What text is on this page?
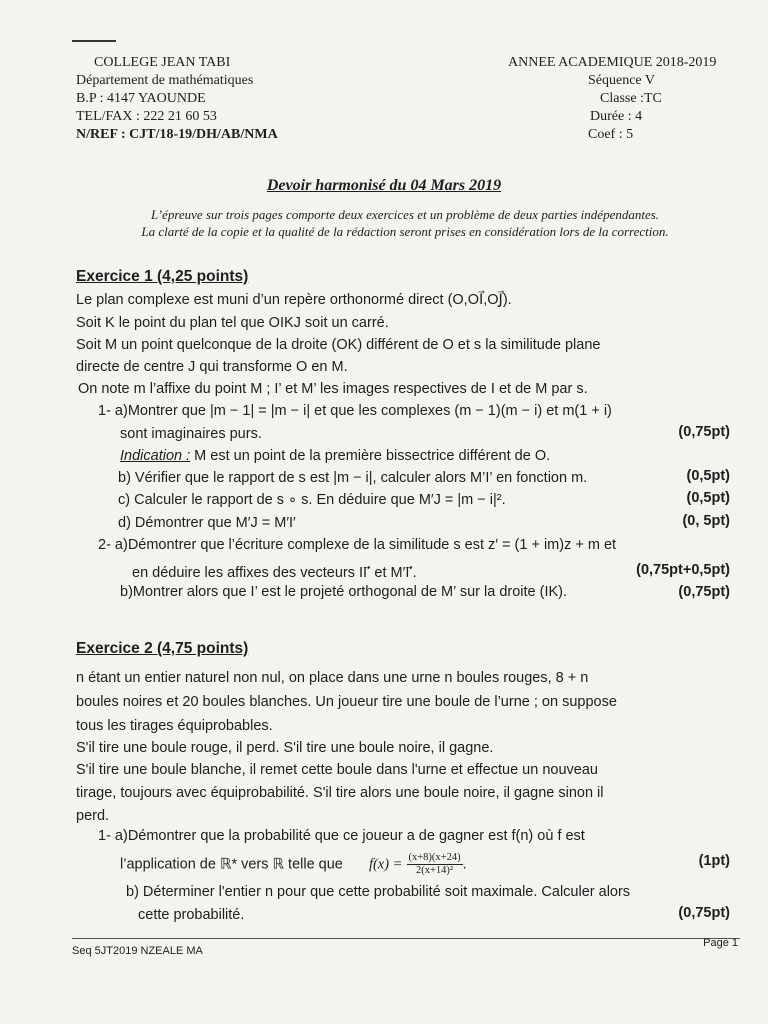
COLLEGE JEAN TABI
Département de mathématiques
B.P : 4147 YAOUNDE
TEL/FAX : 222 21 60 53
N/REF : CJT/18-19/DH/AB/NMA
ANNEE ACADEMIQUE 2018-2019
Séquence V
Classe :TC
Durée : 4
Coef : 5
Devoir harmonisé du 04 Mars 2019
L’épreuve sur trois pages comporte deux exercices et un problème de deux parties indépendantes.
La clarté de la copie et la qualité de la rédaction seront prises en considération lors de la correction.
Exercice 1 (4,25 points)
Le plan complexe est muni d’un repère orthonormé direct (O,OI⃗,OJ⃗).
Soit K le point du plan tel que OIKJ soit un carré.
Soit M un point quelconque de la droite (OK) différent de O et s la similitude plane
directe de centre J qui transforme O en M.
On note m l’affixe du point M ; I’ et M’ les images respectives de I et de M par s.
1- a)Montrer que |m − 1| = |m − i| et que les complexes (m − 1)(m − i) et m(1 + i)
sont imaginaires purs.	(0,75pt)
Indication : M est un point de la première bissectrice différent de O.
b) Vérifier que le rapport de s est |m − i|, calculer alors M’I’ en fonction m.	(0,5pt)
c) Calculer le rapport de s ∘ s. En déduire que M′J = |m − i|².	(0,5pt)
d) Démontrer que M′J = M′I′	(0, 5pt)
2- a)Démontrer que l’écriture complexe de la similitude s est z′ = (1 + im)z + m et
en déduire les affixes des vecteurs II′⃗ et M′I′⃗.	(0,75pt+0,5pt)
b)Montrer alors que I’ est le projeté orthogonal de M’ sur la droite (IK).	(0,75pt)
Exercice 2 (4,75 points)
n étant un entier naturel non nul, on place dans une urne n boules rouges, 8 + n
boules noires et 20 boules blanches. Un joueur tire une boule de l’urne ; on suppose
tous les tirages équiprobables.
S'il tire une boule rouge, il perd. S'il tire une boule noire, il gagne.
S'il tire une boule blanche, il remet cette boule dans l'urne et effectue un nouveau
tirage, toujours avec équiprobabilité. S'il tire alors une boule noire, il gagne sinon il
perd.
1- a)Démontrer que la probabilité que ce joueur a de gagner est f(n) où f est
l’application de ℝ* vers ℝ telle que $f(x) = \frac{(x+8)(x+24)}{\text{2(x+14)²}}$ .	(1pt)
b) Déterminer l'entier n pour que cette probabilité soit maximale. Calculer alors
cette probabilité.	(0,75pt)
Seq 5JT2019 NZEALE MA
Page 1
